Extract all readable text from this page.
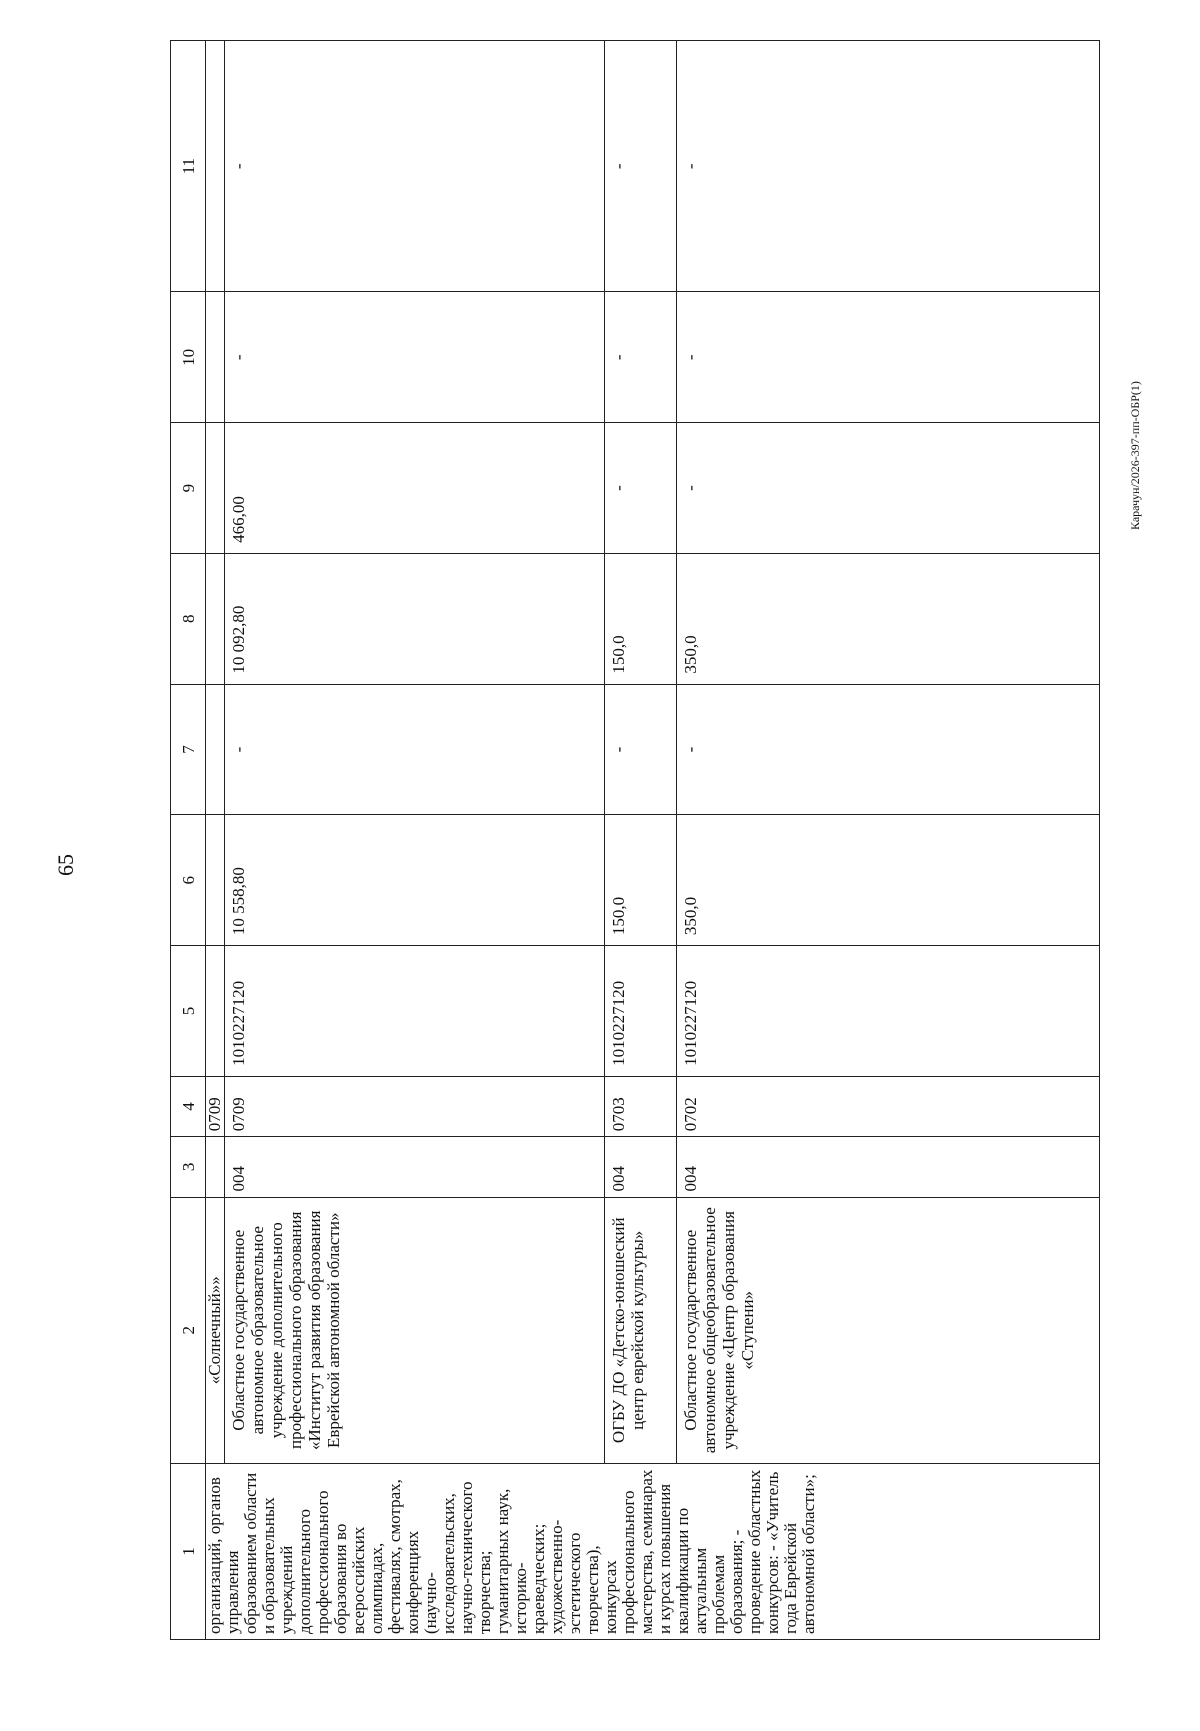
65
Карачун/2026-397-пп-ОБР(1)
1	2	3	4	5	6	7	8	9	10	11
организаций, органов управления образованием области и образовательных учреждений дополнительного профессионального образования во всероссийских олимпиадах, фестивалях, смотрах, конференциях (научно-исследовательских, научно-технического творчества; гуманитарных наук, историко-краеведческих; художественно-эстетического творчества), конкурсах профессионального мастерства, семинарах и курсах повышения квалификации по актуальным проблемам образования; - проведение областных конкурсов: - «Учитель года Еврейской автономной области»;	«Солнечный»»		0709							
	Областное государственное автономное образовательное учреждение дополнительного профессионального образования «Институт развития образования Еврейской автономной области»	004	0709	1010227120	10 558,80	-	10 092,80	466,00	-	-
	ОГБУ ДО «Детско-юношеский центр еврейской культуры»	004	0703	1010227120	150,0	-	150,0	-	-	-
	Областное государственное автономное общеобразовательное учреждение «Центр образования «Ступени»	004	0702	1010227120	350,0	-	350,0	-	-	-
